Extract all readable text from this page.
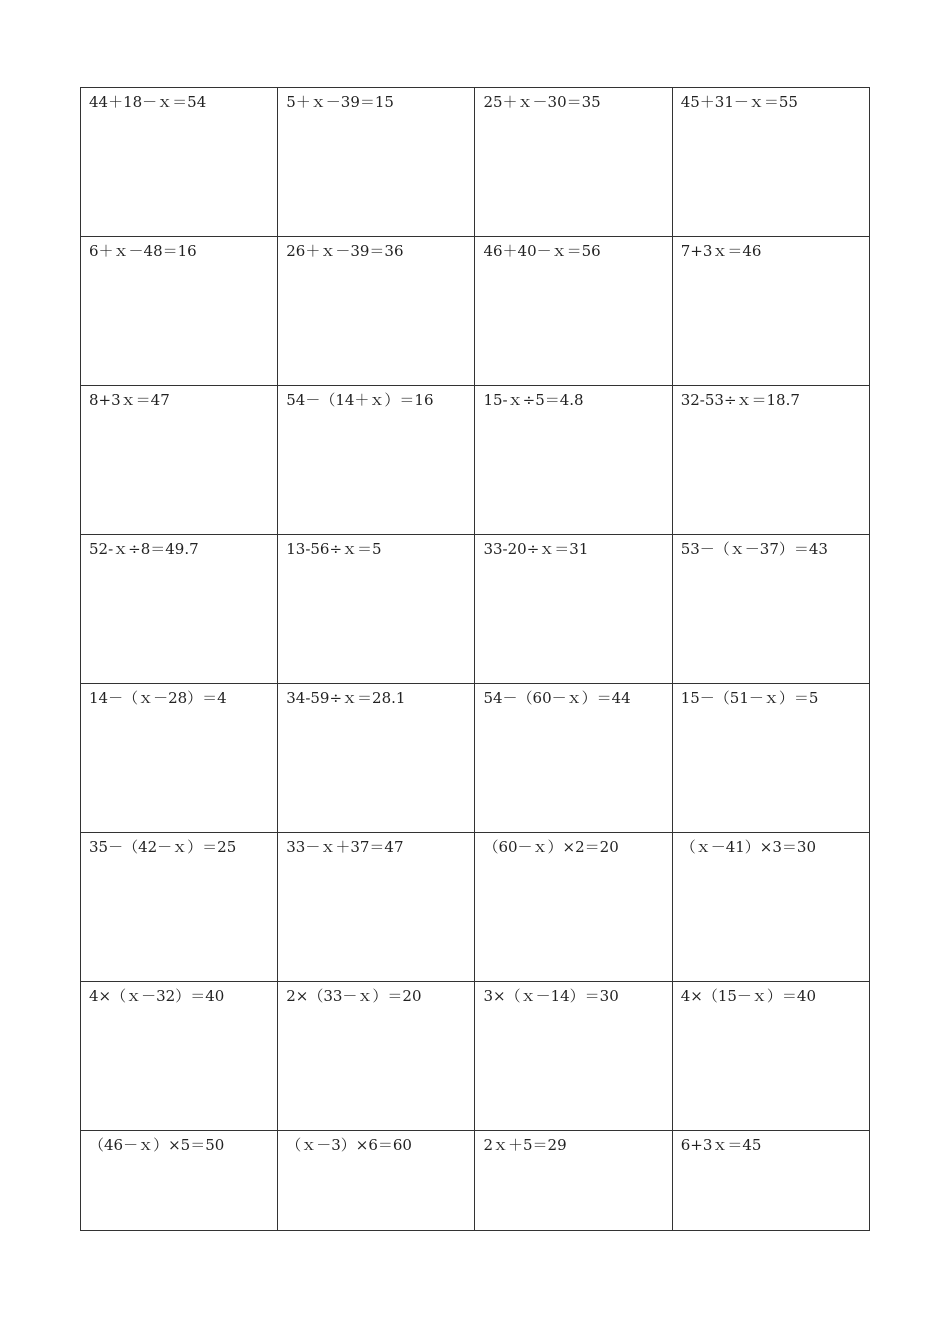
44＋18－ｘ＝54	5＋ｘ－39＝15	25＋ｘ－30＝35	45＋31－ｘ＝55
6＋ｘ－48＝16	26＋ｘ－39＝36	46＋40－ｘ＝56	7+3ｘ＝46
8+3ｘ＝47	54－（14＋ｘ）＝16	15-ｘ÷5＝4.8	32-53÷ｘ＝18.7
52-ｘ÷8＝49.7	13-56÷ｘ＝5	33-20÷ｘ＝31	53－（ｘ－37）＝43
14－（ｘ－28）＝4	34-59÷ｘ＝28.1	54－（60－ｘ）＝44	15－（51－ｘ）＝5
35－（42－ｘ）＝25	33－ｘ＋37＝47	（60－ｘ）×2＝20	（ｘ－41）×3＝30
4×（ｘ－32）＝40	2×（33－ｘ）＝20	3×（ｘ－14）＝30	4×（15－ｘ）＝40
（46－ｘ）×5＝50	（ｘ－3）×6＝60	2ｘ＋5＝29	6+3ｘ＝45
